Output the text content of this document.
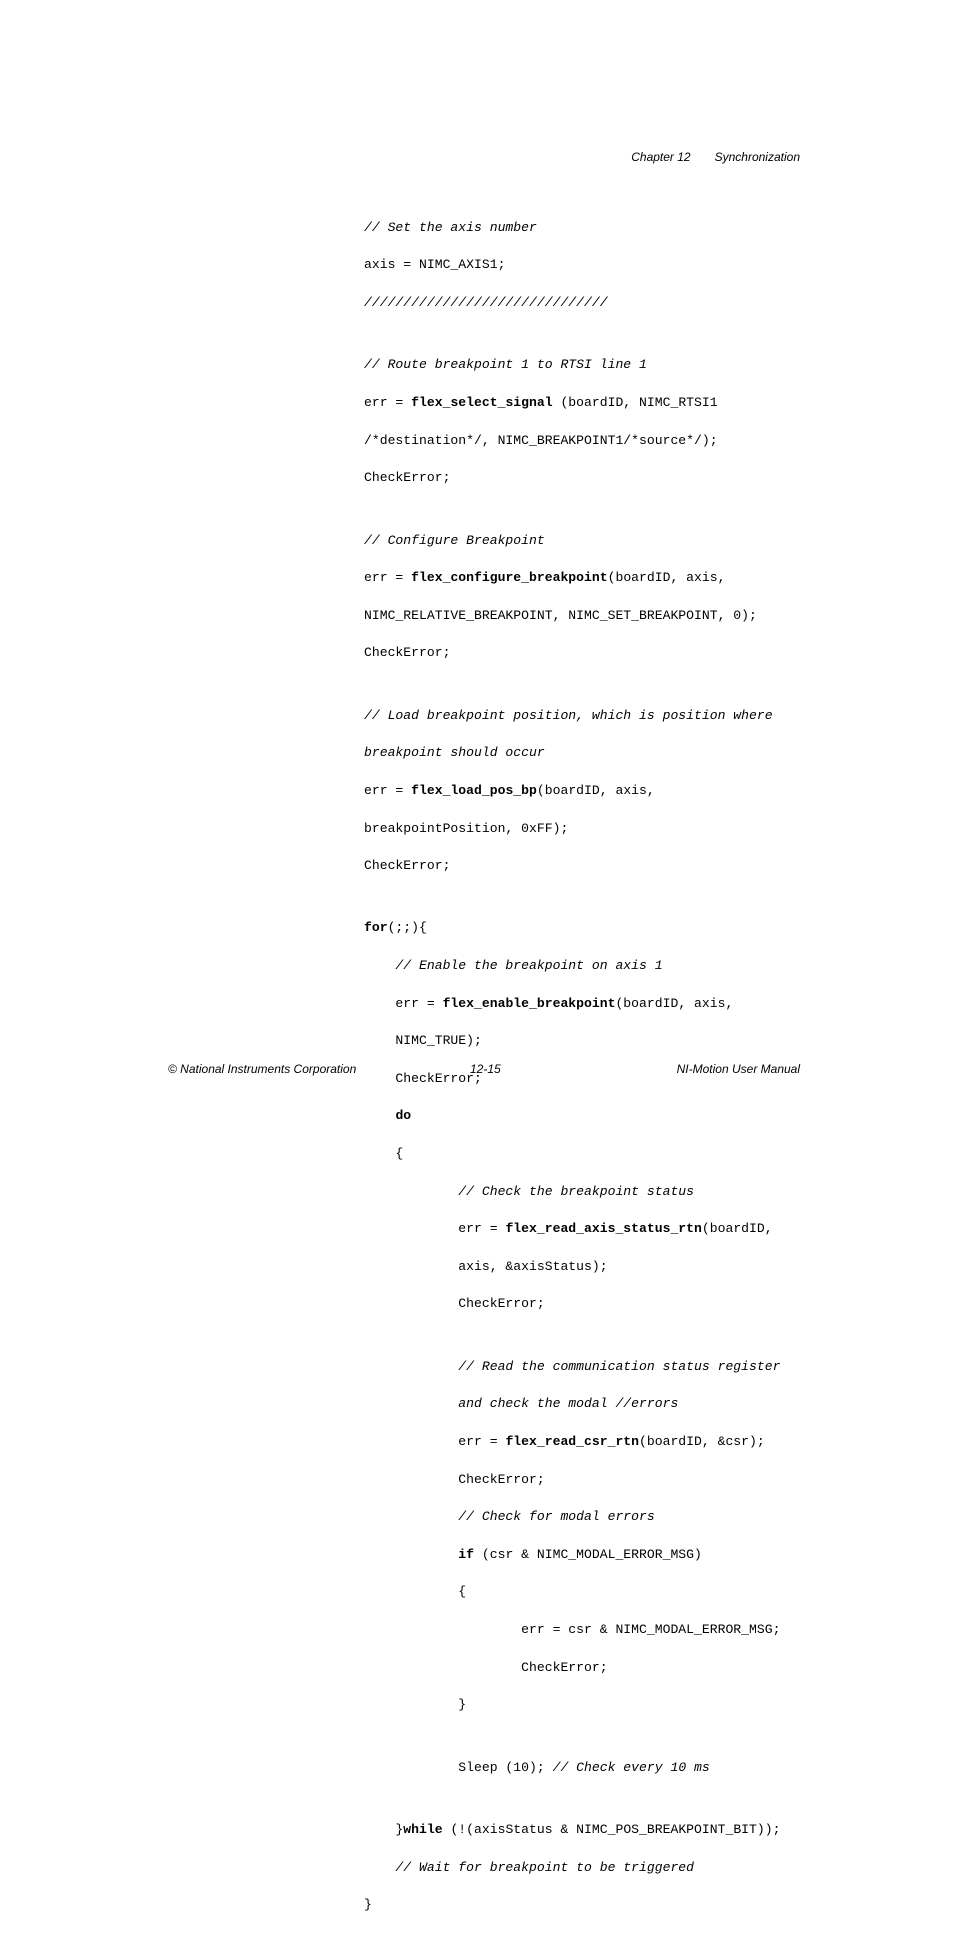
Chapter 12 Synchronization

// Set the axis number

axis = NIMC_AXIS1;

///////////////////////////////

// Route breakpoint 1 to RTSI line 1

err = flex_select_signal (boardID, NIMC_RTSI1

/*destination*/, NIMC_BREAKPOINT1/*source*/);

CheckError;

// Configure Breakpoint

err = flex_configure_breakpoint(boardID, axis,

NIMC_RELATIVE_BREAKPOINT, NIMC_SET_BREAKPOINT, 0);

CheckError;

// Load breakpoint position, which is position where

breakpoint should occur

err = flex_load_pos_bp(boardID, axis,

breakpointPosition, 0xFF);

CheckError;

for(;;){

// Enable the breakpoint on axis 1

err = flex_enable_breakpoint(boardID, axis,

NIMC_TRUE);

CheckError;

do

{

// Check the breakpoint status

err = flex_read_axis_status_rtn(boardID,

axis, &axisStatus);

CheckError;

// Read the communication status register

and check the modal //errors

err = flex_read_csr_rtn(boardID, &csr);

CheckError;

// Check for modal errors

if (csr & NIMC_MODAL_ERROR_MSG)

{

err = csr & NIMC_MODAL_ERROR_MSG;

CheckError;

}

Sleep (10); // Check every 10 ms

}while (!(axisStatus & NIMC_POS_BREAKPOINT_BIT));

// Wait for breakpoint to be triggered

}

© National Instruments Corporation	12-15	NI-Motion User Manual
